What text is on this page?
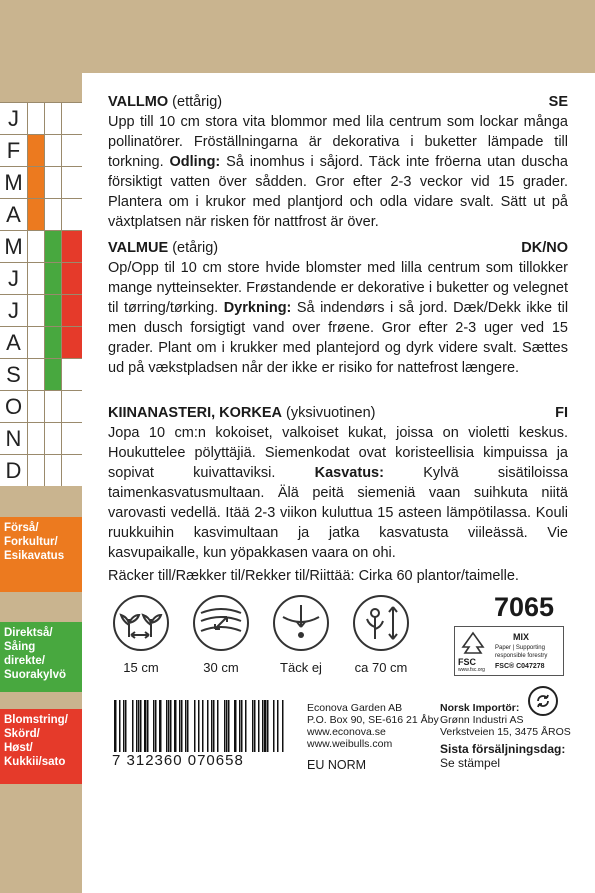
J
F
M
A
M
J
J
A
S
O
N
D
Förså/
Forkultur/
Esikavatus
Direktså/
Såing
direkte/
Suorakylvö
Blomstring/
Skörd/
Høst/
Kukkii/sato
VALLMO (ettårig)	SE

Upp till 10 cm stora vita blommor med lila centrum som lockar många pollinatörer. Fröställningarna är dekorativa i buketter lämpade till torkning. Odling: Så inomhus i såjord. Täck inte fröerna utan duscha försiktigt vatten över sådden. Gror efter 2-3 veckor vid 15 grader. Plantera om i krukor med plantjord och odla vidare svalt. Sätt ut på växtplatsen när risken för nattfrost är över.

VALMUE (etårig)	DK/NO

Op/Opp til 10 cm store hvide blomster med lilla centrum som tillokker mange nytteinsekter. Frøstandende er dekorative i buketter og velegnet til tørring/tørking. Dyrkning: Så indendørs i så jord. Dæk/Dekk ikke til men dusch forsigtigt vand over frøene. Gror efter 2-3 uger ved 15 grader. Plant om i krukker med plantejord og dyrk videre svalt. Sættes ud på vækstpladsen når der ikke er risiko for nattefrost længere.

KIINANASTERI, KORKEA (yksivuotinen)	FI

Jopa 10 cm:n kokoiset, valkoiset kukat, joissa on violetti keskus. Houkuttelee pölyttäjiä. Siemenkodat ovat koristeellisia kimpuissa ja sopivat kuivattaviksi.	Kasvatus:	Kylvä sisätiloissa taimenkasvatusmultaan. Älä peitä siemeniä vaan suihkuta niitä varovasti vedellä. Itää 2-3 viikon kuluttua 15 asteen lämpötilassa. Kouli ruukkuihin kasvimultaan ja jatka kasvatusta viileässä. Vie kasvupaikalle, kun yöpakkasen vaara on ohi.

Räcker till/Rækker til/Rekker til/Riittää: Cirka 60 plantor/taimelle.
7065
15 cm	30 cm	Täck ej	ca 70 cm	FSC
www.fsc.org
MIX
Paper | Supporting
responsible forestry
FSC® C047278
7 312360 070658
Econova Garden AB
P.O. Box 90, SE-616 21 Åby
www.econova.se
www.weibulls.com
EU NORM
Norsk Importör:
Grønn Industri AS
Verkstveien 15, 3475 ÅROS
Sista försäljningsdag:
Se stämpel
